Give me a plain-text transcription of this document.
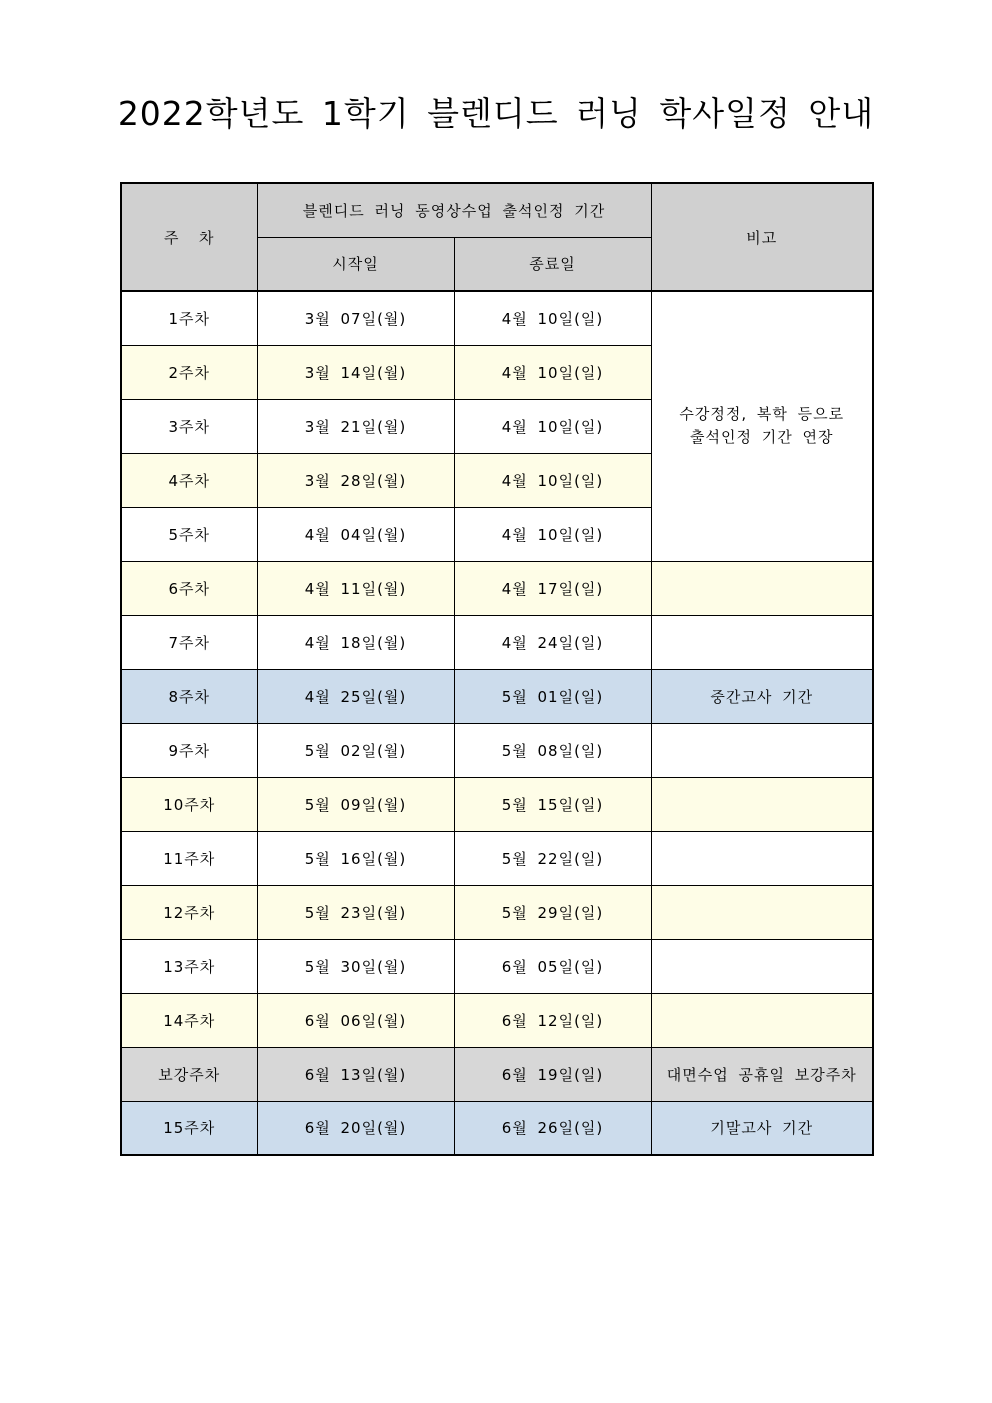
2022학년도 1학기 블렌디드 러닝 학사일정 안내
주  차	블렌디드 러닝 동영상수업 출석인정 기간		비고
	시작일	종료일	
1주차	3월 07일(월)	4월 10일(일)	수강정정, 복학 등으로
출석인정 기간 연장
2주차	3월 14일(월)	4월 10일(일)	
3주차	3월 21일(월)	4월 10일(일)	
4주차	3월 28일(월)	4월 10일(일)	
5주차	4월 04일(월)	4월 10일(일)	
6주차	4월 11일(월)	4월 17일(일)	
7주차	4월 18일(월)	4월 24일(일)	
8주차	4월 25일(월)	5월 01일(일)	중간고사 기간
9주차	5월 02일(월)	5월 08일(일)	
10주차	5월 09일(월)	5월 15일(일)	
11주차	5월 16일(월)	5월 22일(일)	
12주차	5월 23일(월)	5월 29일(일)	
13주차	5월 30일(월)	6월 05일(일)	
14주차	6월 06일(월)	6월 12일(일)	
보강주차	6월 13일(월)	6월 19일(일)	대면수업 공휴일 보강주차
15주차	6월 20일(월)	6월 26일(일)	기말고사 기간
